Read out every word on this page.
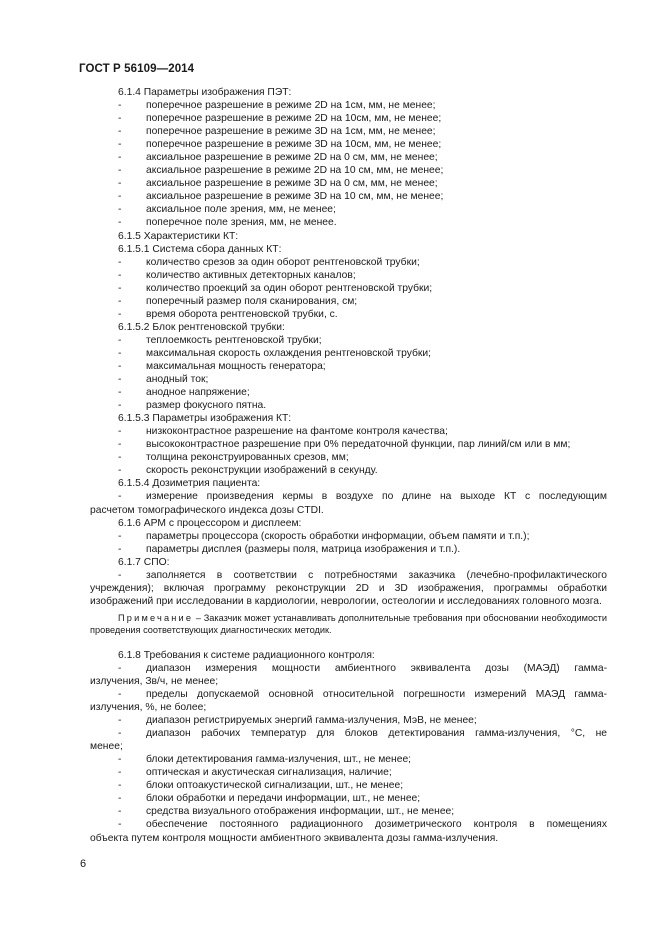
ГОСТ Р 56109—2014
6.1.4 Параметры изображения ПЭТ:
- поперечное разрешение в режиме 2D на 1см, мм, не менее;
- поперечное разрешение в режиме 2D на 10см, мм, не менее;
- поперечное разрешение в режиме 3D на 1см, мм, не менее;
- поперечное разрешение в режиме 3D на 10см, мм, не менее;
- аксиальное разрешение в режиме 2D на 0 см, мм, не менее;
- аксиальное разрешение в режиме 2D на 10 см, мм, не менее;
- аксиальное разрешение в режиме 3D на 0 см, мм, не менее;
- аксиальное разрешение в режиме 3D на 10 см, мм, не менее;
- аксиальное поле зрения, мм, не менее;
- поперечное поле зрения, мм, не менее.
6.1.5 Характеристики КТ:
6.1.5.1 Система сбора данных КТ:
- количество срезов за один оборот рентгеновской трубки;
- количество активных детекторных каналов;
- количество проекций за один оборот рентгеновской трубки;
- поперечный размер поля сканирования, см;
- время оборота рентгеновской трубки, с.
6.1.5.2 Блок рентгеновской трубки:
- теплоемкость рентгеновской трубки;
- максимальная скорость охлаждения рентгеновской трубки;
- максимальная мощность генератора;
- анодный ток;
- анодное напряжение;
- размер фокусного пятна.
6.1.5.3 Параметры изображения КТ:
- низкоконтрастное разрешение на фантоме контроля качества;
- высококонтрастное разрешение при 0% передаточной функции, пар линий/см или в мм;
- толщина реконструированных срезов, мм;
- скорость реконструкции изображений в секунду.
6.1.5.4 Дозиметрия пациента:
- измерение произведения кермы в воздухе по длине на выходе КТ с последующим
расчетом томографического индекса дозы CTDI.
6.1.6 АРМ с процессором и дисплеем:
- параметры процессора (скорость обработки информации, объем памяти и т.п.);
- параметры дисплея (размеры поля, матрица изображения и т.п.).
6.1.7 СПО:
- заполняется в соответствии с потребностями заказчика (лечебно-профилактического
учреждения); включая программу реконструкции 2D и 3D изображения, программы обработки изображений при исследовании в кардиологии, неврологии, остеологии и исследованиях головного мозга.
Примечание – Заказчик может устанавливать дополнительные требования при обосновании необходимости проведения соответствующих диагностических методик.
6.1.8 Требования к системе радиационного контроля:
- диапазон измерения мощности амбиентного эквивалента дозы (МАЭД) гамма-
излучения, Зв/ч, не менее;
- пределы допускаемой основной относительной погрешности измерений МАЭД гамма-
излучения, %, не более;
- диапазон регистрируемых энергий гамма-излучения, МэВ, не менее;
- диапазон рабочих температур для блоков детектирования гамма-излучения, °С, не
менее;
- блоки детектирования гамма-излучения, шт., не менее;
- оптическая и акустическая сигнализация, наличие;
- блоки оптоакустической сигнализации, шт., не менее;
- блоки обработки и передачи информации, шт., не менее;
- средства визуального отображения информации, шт., не менее;
- обеспечение постоянного радиационного дозиметрического контроля в помещениях
объекта путем контроля мощности амбиентного эквивалента дозы гамма-излучения.
6
